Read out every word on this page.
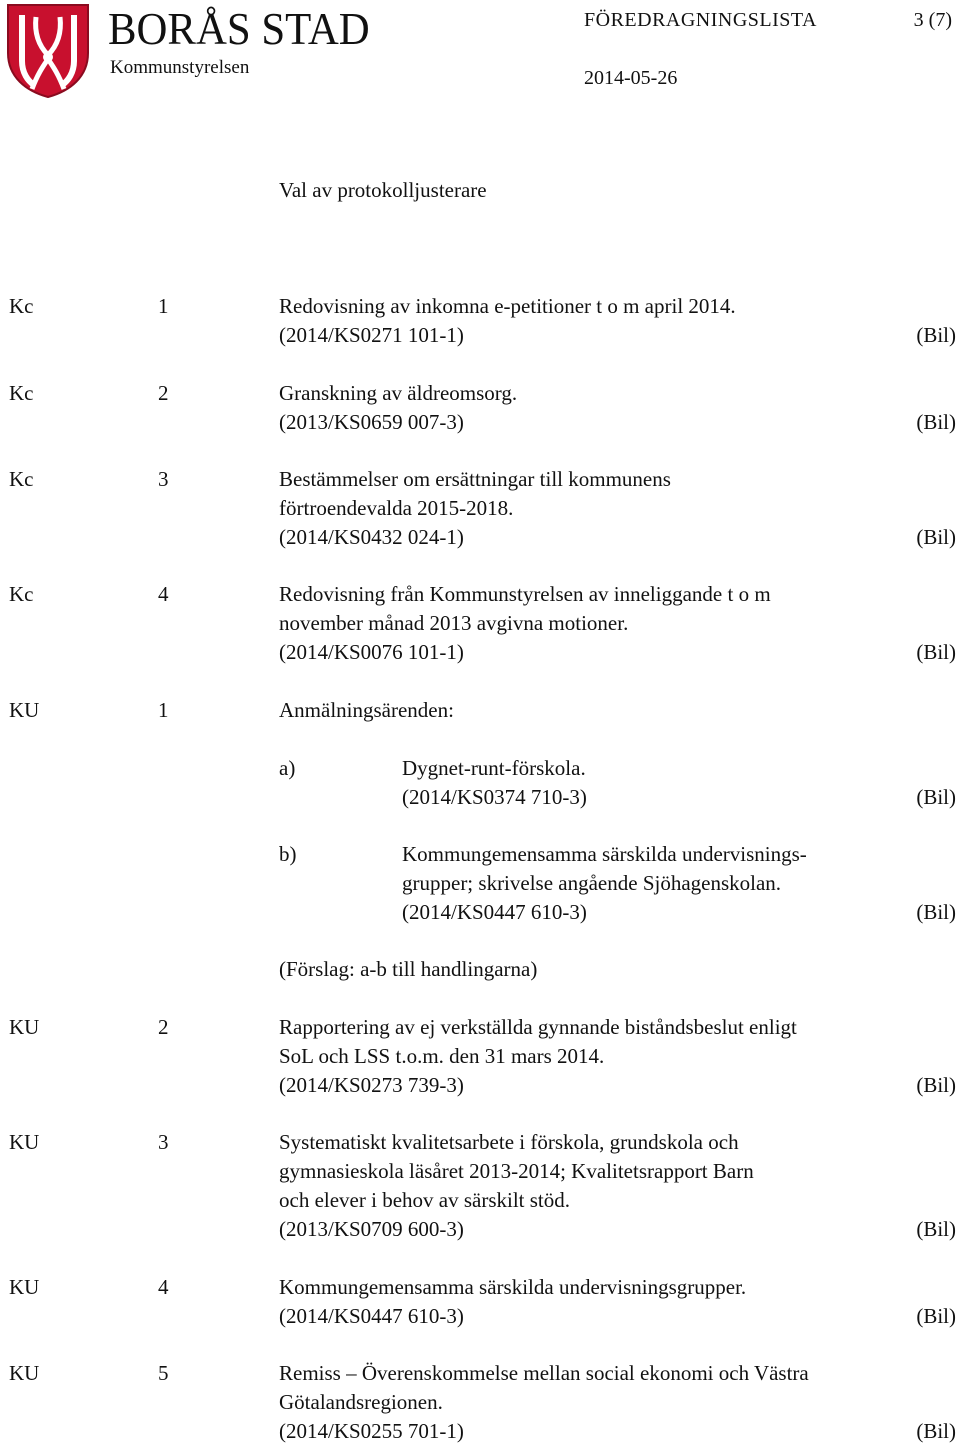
BORÅS STAD
Kommunstyrelsen
FÖREDRAGNINGSLISTA	3 (7)
2014-05-26
Val av protokolljusterare
Kc	1	Redovisning av inkomna e-petitioner t o m april 2014.
(2014/KS0271 101-1)	(Bil)
Kc	2	Granskning av äldreomsorg.
(2013/KS0659 007-3)	(Bil)
Kc	3	Bestämmelser om ersättningar till kommunens
förtroendevalda 2015-2018.
(2014/KS0432 024-1)	(Bil)
Kc	4	Redovisning från Kommunstyrelsen av inneliggande t o m
november månad 2013 avgivna motioner.
(2014/KS0076 101-1)	(Bil)
KU	1	Anmälningsärenden:
a)	Dygnet-runt-förskola.
(2014/KS0374 710-3)	(Bil)
b)	Kommungemensamma särskilda undervisnings-
grupper; skrivelse angående Sjöhagenskolan.
(2014/KS0447 610-3)	(Bil)
(Förslag: a-b till handlingarna)
KU	2	Rapportering av ej verkställda gynnande biståndsbeslut enligt
SoL och LSS t.o.m. den 31 mars 2014.
(2014/KS0273 739-3)	(Bil)
KU	3	Systematiskt kvalitetsarbete i förskola, grundskola och
gymnasieskola läsåret 2013-2014; Kvalitetsrapport Barn
och elever i behov av särskilt stöd.
(2013/KS0709 600-3)	(Bil)
KU	4	Kommungemensamma särskilda undervisningsgrupper.
(2014/KS0447 610-3)	(Bil)
KU	5	Remiss – Överenskommelse mellan social ekonomi och Västra
Götalandsregionen.
(2014/KS0255 701-1)	(Bil)
